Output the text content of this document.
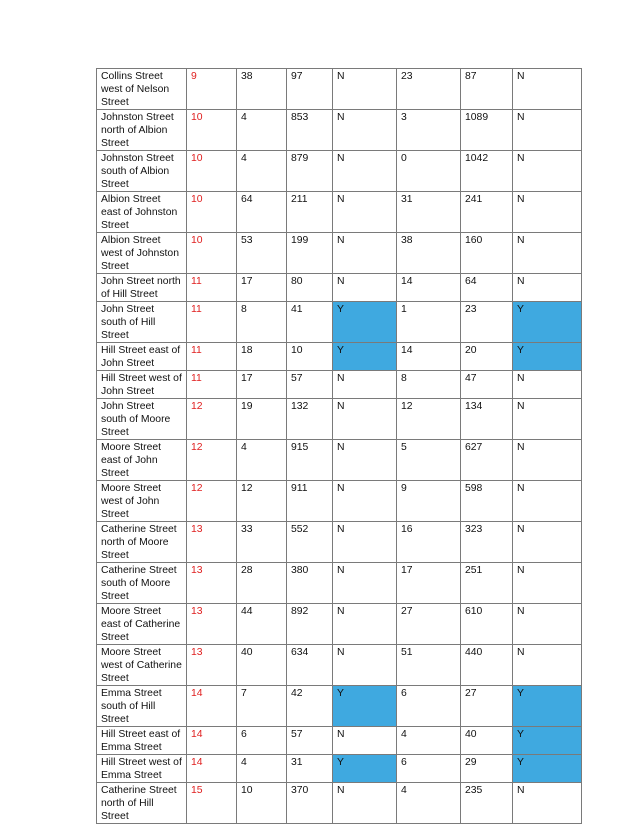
Collins Street west of Nelson Street	9	38	97	N	23	87	N
Johnston Street north of Albion Street	10	4	853	N	3	1089	N
Johnston Street south of Albion Street	10	4	879	N	0	1042	N
Albion Street east of Johnston Street	10	64	211	N	31	241	N
Albion Street west of Johnston Street	10	53	199	N	38	160	N
John Street north of Hill Street	11	17	80	N	14	64	N
John Street south of Hill Street	11	8	41	Y	1	23	Y
Hill Street east of John Street	11	18	10	Y	14	20	Y
Hill Street west of John Street	11	17	57	N	8	47	N
John Street south of Moore Street	12	19	132	N	12	134	N
Moore Street east of John Street	12	4	915	N	5	627	N
Moore Street west of John Street	12	12	911	N	9	598	N
Catherine Street north of Moore Street	13	33	552	N	16	323	N
Catherine Street south of Moore Street	13	28	380	N	17	251	N
Moore Street east of Catherine Street	13	44	892	N	27	610	N
Moore Street west of Catherine Street	13	40	634	N	51	440	N
Emma Street south of Hill Street	14	7	42	Y	6	27	Y
Hill Street east of Emma Street	14	6	57	N	4	40	Y
Hill Street west of Emma Street	14	4	31	Y	6	29	Y
Catherine Street north of Hill Street	15	10	370	N	4	235	N
